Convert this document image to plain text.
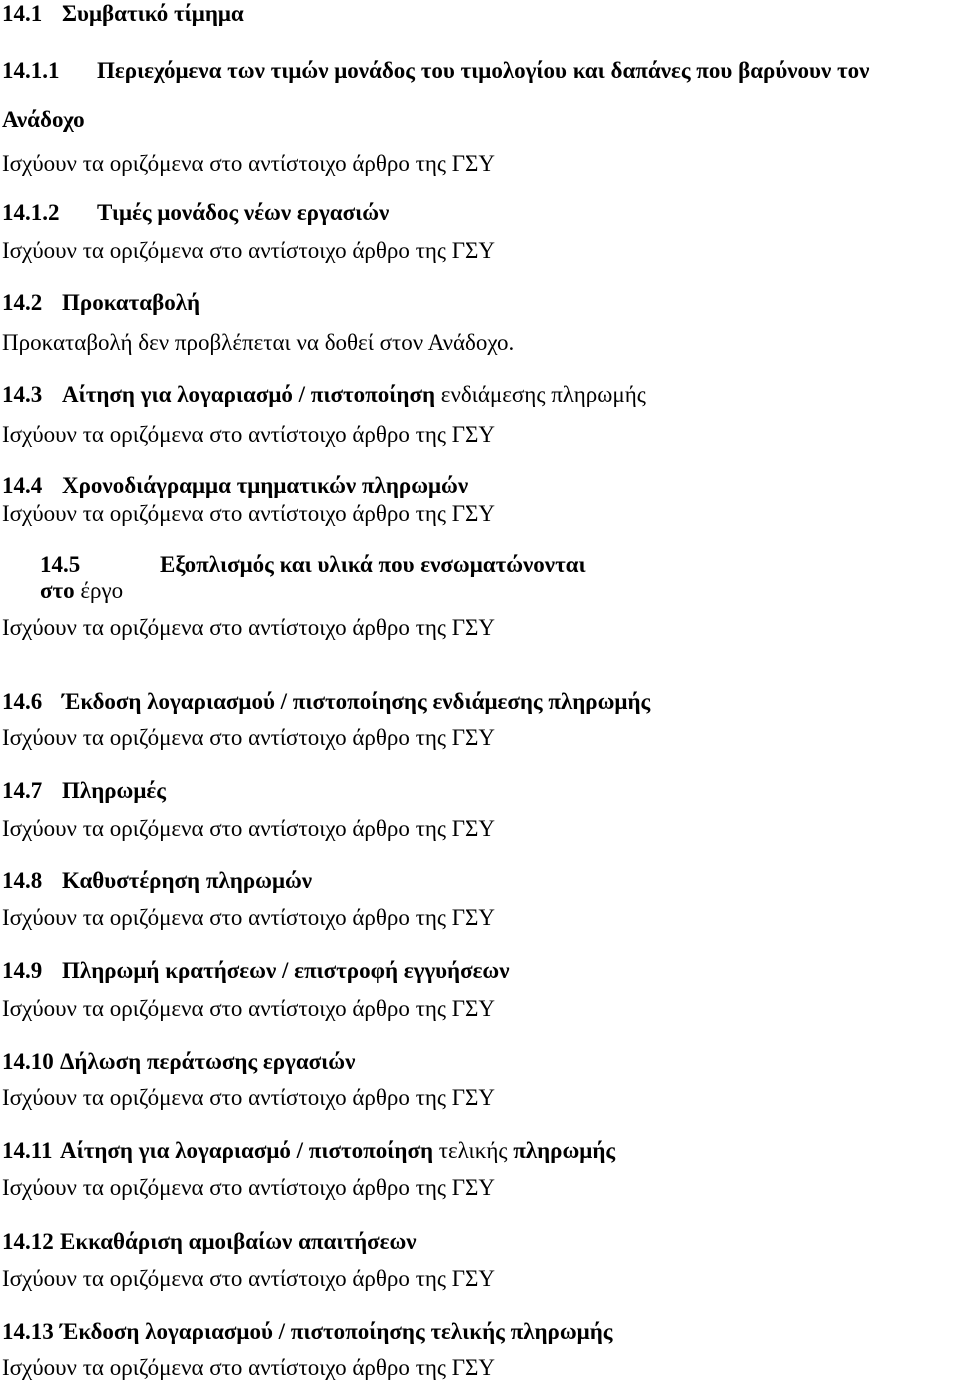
14.1 Συμβατικό τίμημα
14.1.1 Περιεχόμενα των τιμών μονάδος του τιμολογίου και δαπάνες που βαρύνουν τον
Ανάδοχο
Ισχύουν τα οριζόμενα στο αντίστοιχο άρθρο της ΓΣΥ
14.1.2 Τιμές μονάδος νέων εργασιών
Ισχύουν τα οριζόμενα στο αντίστοιχο άρθρο της ΓΣΥ
14.2 Προκαταβολή
Προκαταβολή δεν προβλέπεται να δοθεί στον Ανάδοχο.
14.3 Αίτηση για λογαριασμό / πιστοποίηση ενδιάμεσης πληρωμής
Ισχύουν τα οριζόμενα στο αντίστοιχο άρθρο της ΓΣΥ
14.4 Χρονοδιάγραμμα τμηματικών πληρωμών
Ισχύουν τα οριζόμενα στο αντίστοιχο άρθρο της ΓΣΥ
14.5	Εξοπλισμός και υλικά που ενσωματώνονται
στο έργο
Ισχύουν τα οριζόμενα στο αντίστοιχο άρθρο της ΓΣΥ
14.6 Έκδοση λογαριασμού / πιστοποίησης ενδιάμεσης πληρωμής
Ισχύουν τα οριζόμενα στο αντίστοιχο άρθρο της ΓΣΥ
14.7 Πληρωμές
Ισχύουν τα οριζόμενα στο αντίστοιχο άρθρο της ΓΣΥ
14.8 Καθυστέρηση πληρωμών
Ισχύουν τα οριζόμενα στο αντίστοιχο άρθρο της ΓΣΥ
14.9 Πληρωμή κρατήσεων / επιστροφή εγγυήσεων
Ισχύουν τα οριζόμενα στο αντίστοιχο άρθρο της ΓΣΥ
14.10 Δήλωση περάτωσης εργασιών
Ισχύουν τα οριζόμενα στο αντίστοιχο άρθρο της ΓΣΥ
14.11 Αίτηση για λογαριασμό / πιστοποίηση τελικής πληρωμής
Ισχύουν τα οριζόμενα στο αντίστοιχο άρθρο της ΓΣΥ
14.12 Εκκαθάριση αμοιβαίων απαιτήσεων
Ισχύουν τα οριζόμενα στο αντίστοιχο άρθρο της ΓΣΥ
14.13 Έκδοση λογαριασμού / πιστοποίησης τελικής πληρωμής
Ισχύουν τα οριζόμενα στο αντίστοιχο άρθρο της ΓΣΥ
